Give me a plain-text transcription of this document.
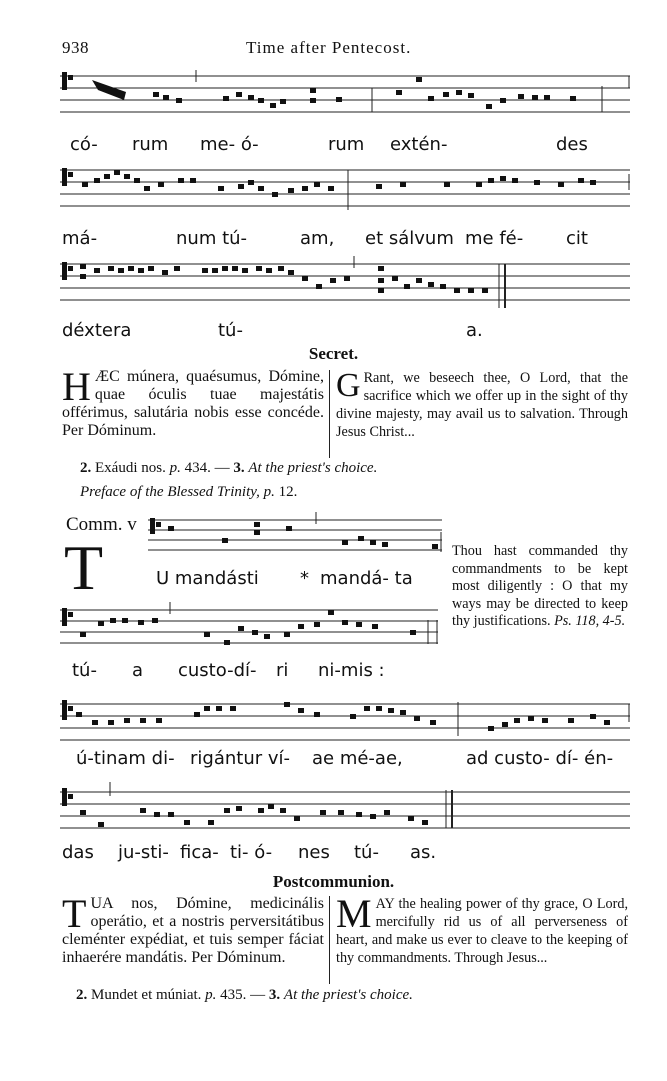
938	Time after Pentecost.
có- rum me- ó-	rum extén-	des
má-	num tú-	am, et sálvum me fé- cit
déxtera	tú-	a.
Secret.
HÆC múnera, quaésumus, Dómine, quae óculis tuae majestátis offérimus, salutária nobis esse concéde. Per Dóminum.
G Rant, we beseech thee, O Lord, that the sacrifice which we offer up in the sight of thy divine majesty, may avail us to salvation. Through Jesus Christ...
2. Exáudi nos. p. 434. — 3. At the priest's choice.
Preface of the Blessed Trinity, p. 12.
Comm. v
T	U mandásti * mandá- ta
Thou hast commanded thy commandments to be kept most diligently : O that my ways may be directed to keep thy justifications. Ps. 118, 4-5.
tú- a custo-dí- ri ni-mis :
ú-tinam di- rigántur ví- ae mé-ae,	ad custo- dí- én-
das ju-sti- fica- ti- ó- nes tú- as.
Postcommunion.
TUA nos, Dómine, medicinális operátio, et a nostris perversitátibus cleménter expédiat, et tuis semper fáciat inhaerére mandátis. Per Dóminum.
MAY the healing power of thy grace, O Lord, mercifully rid us of all perverseness of heart, and make us ever to cleave to the keeping of thy commandments. Through Jesus...
2. Mundet et múniat. p. 435. — 3. At the priest's choice.
